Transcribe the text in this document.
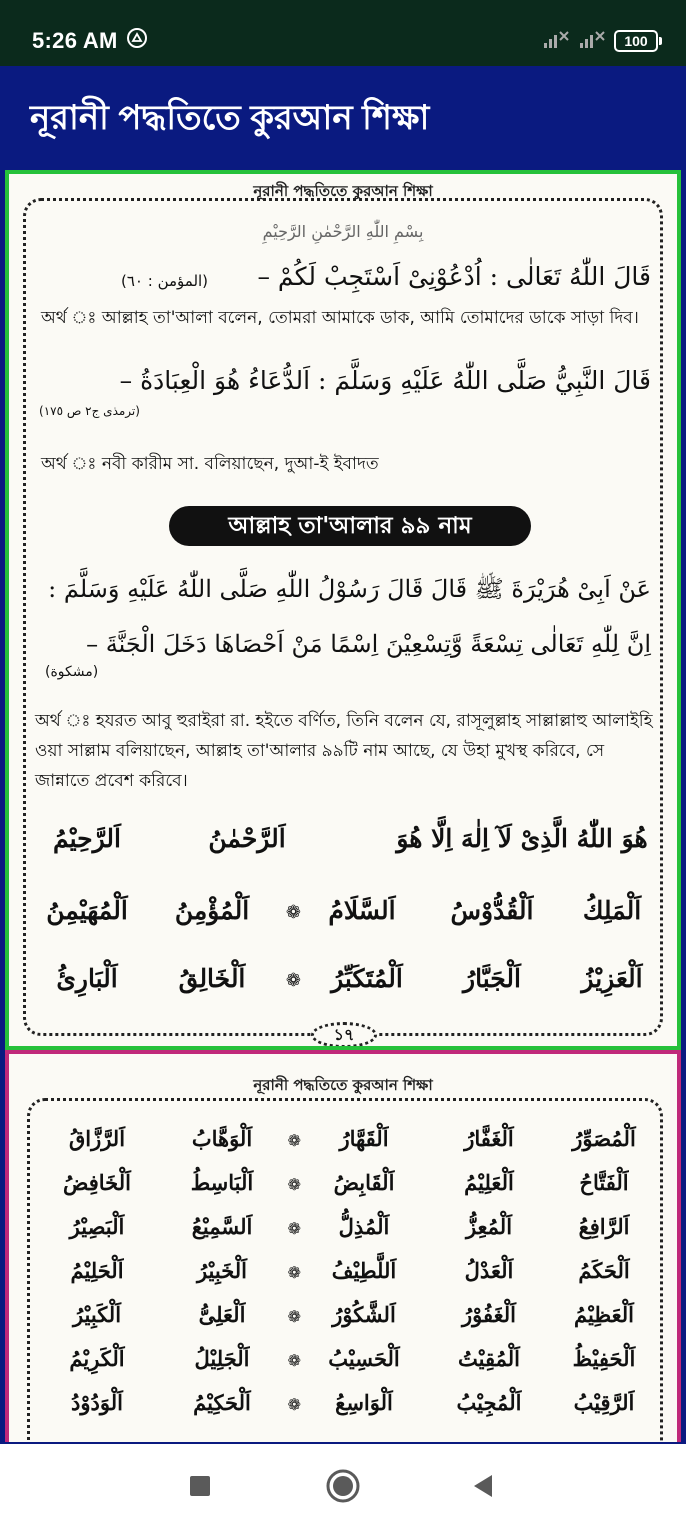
5:26 AM	100
নূরানী পদ্ধতিতে কুরআন শিক্ষা
নূরানী পদ্ধতিতে কুরআন শিক্ষা
بِسْمِ اللّٰهِ الرَّحْمٰنِ الرَّحِيْمِ
قَالَ اللّٰهُ تَعَالٰى : اُدْعُوْنِىْ اَسْتَجِبْ لَكُمْ –
(المؤمن : ٦٠)
অর্থ ঃ আল্লাহ তা'আলা বলেন, তোমরা আমাকে ডাক, আমি তোমাদের ডাকে সাড়া দিব।
قَالَ النَّبِيُّ صَلَّى اللّٰهُ عَلَيْهِ وَسَلَّمَ : اَلدُّعَاءُ هُوَ الْعِبَادَةُ –
(ترمذى ج٢ ص ١٧٥)
অর্থ ঃ নবী কারীম সা. বলিয়াছেন, দুআ-ই ইবাদত
আল্লাহ তা'আলার ৯৯ নাম
عَنْ اَبِىْ هُرَيْرَةَ ﷺ قَالَ قَالَ رَسُوْلُ اللّٰهِ صَلَّى اللّٰهُ عَلَيْهِ وَسَلَّمَ :
اِنَّ لِلّٰهِ تَعَالٰى تِسْعَةً وَّتِسْعِيْنَ اِسْمًا مَنْ اَحْصَاهَا دَخَلَ الْجَنَّةَ –
(مشكوة)
অর্থ ঃ হযরত আবু হুরাইরা রা. হইতে বর্ণিত, তিনি বলেন যে, রাসূলুল্লাহ সাল্লাল্লাহু আলাইহি ওয়া সাল্লাম বলিয়াছেন, আল্লাহ তা'আলার ৯৯টি নাম আছে, যে উহা মুখস্থ করিবে, সে জান্নাতে প্রবেশ করিবে।
هُوَ اللّٰهُ الَّذِىْ لَآ اِلٰهَ اِلَّا هُوَ
اَلرَّحْمٰنُ
اَلرَّحِيْمُ
اَلْمَلِكُ
اَلْقُدُّوْسُ
اَلسَّلَامُ
❁
اَلْمُؤْمِنُ
اَلْمُهَيْمِنُ
اَلْعَزِيْزُ
اَلْجَبَّارُ
اَلْمُتَكَبِّرُ
❁
اَلْخَالِقُ
اَلْبَارِئُ
১৭
নূরানী পদ্ধতিতে কুরআন শিক্ষা
اَلْمُصَوِّرُ
اَلْغَفَّارُ
اَلْقَهَّارُ
❁
اَلْوَهَّابُ
اَلرَّزَّاقُ
اَلْفَتَّاحُ
اَلْعَلِيْمُ
اَلْقَابِضُ
❁
اَلْبَاسِطُ
اَلْخَافِضُ
اَلرَّافِعُ
اَلْمُعِزُّ
اَلْمُذِلُّ
❁
اَلسَّمِيْعُ
اَلْبَصِيْرُ
اَلْحَكَمُ
اَلْعَدْلُ
اَللَّطِيْفُ
❁
اَلْخَبِيْرُ
اَلْحَلِيْمُ
اَلْعَظِيْمُ
اَلْغَفُوْرُ
اَلشَّكُوْرُ
❁
اَلْعَلِىُّ
اَلْكَبِيْرُ
اَلْحَفِيْظُ
اَلْمُقِيْتُ
اَلْحَسِيْبُ
❁
اَلْجَلِيْلُ
اَلْكَرِيْمُ
اَلرَّقِيْبُ
اَلْمُجِيْبُ
اَلْوَاسِعُ
❁
اَلْحَكِيْمُ
اَلْوَدُوْدُ
